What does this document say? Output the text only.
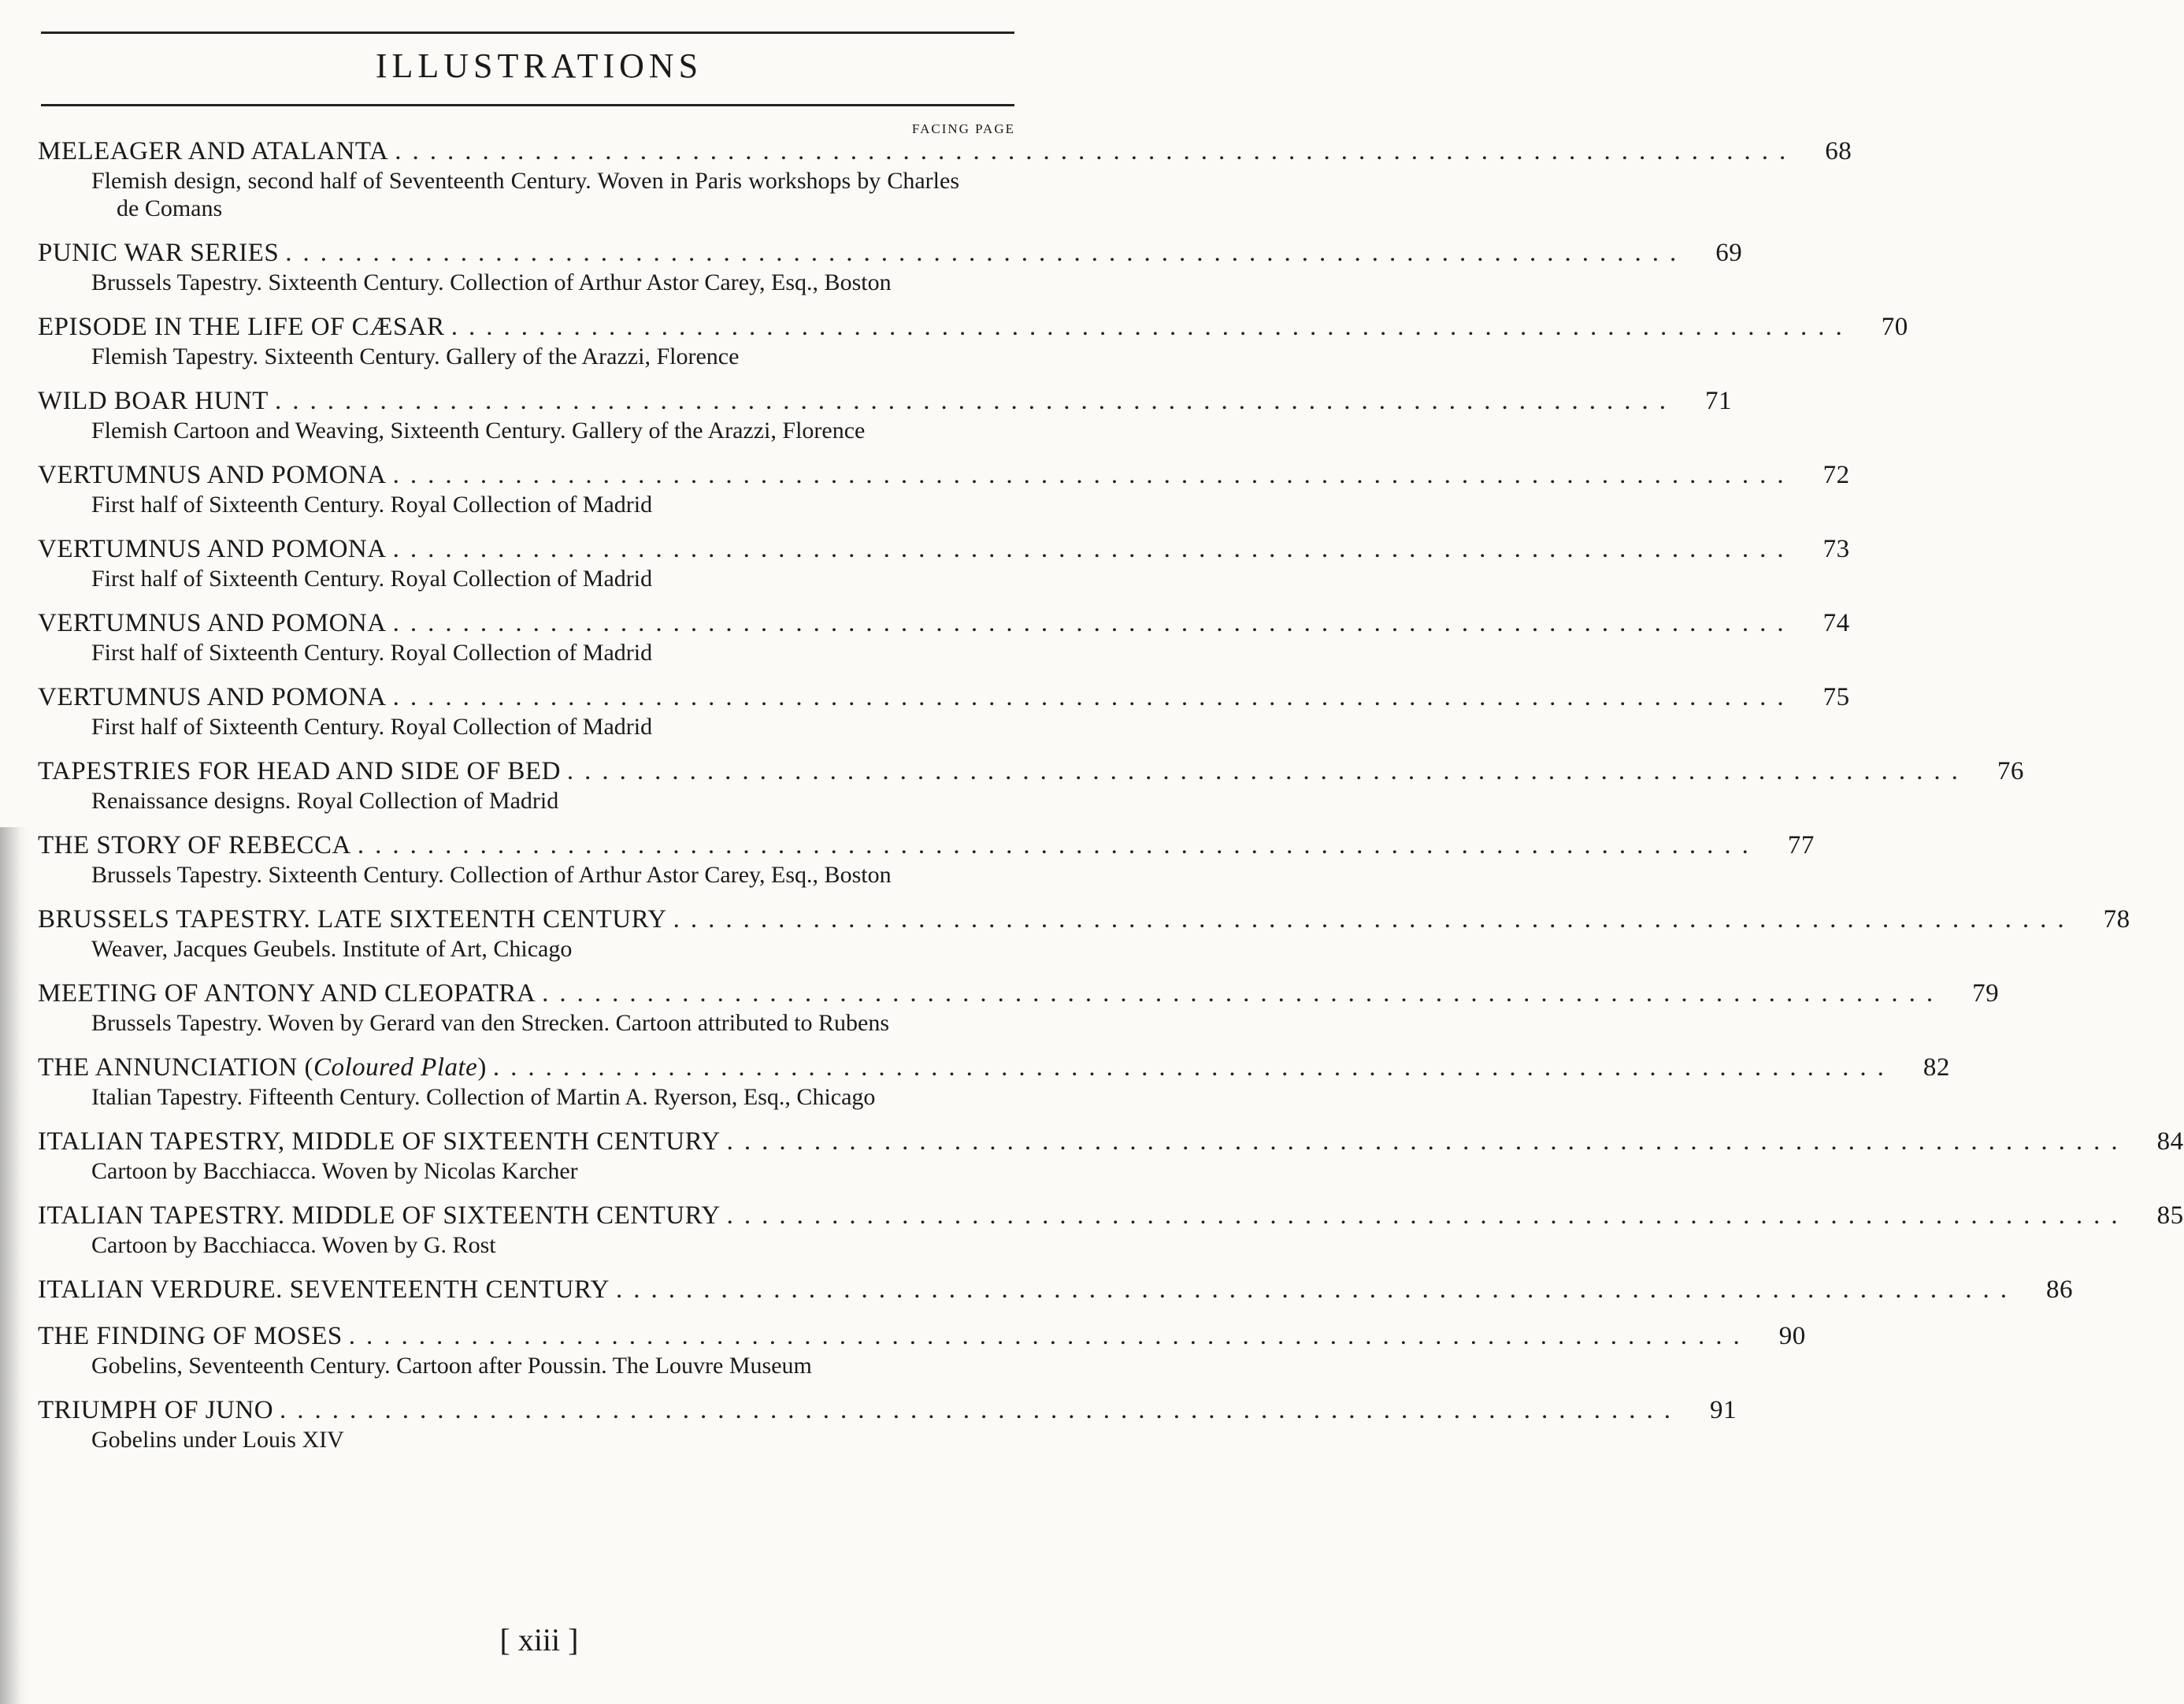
ILLUSTRATIONS
FACING PAGE
MELEAGER AND ATALANTA ................................................................................	68
Flemish design, second half of Seventeenth Century. Woven in Paris workshops by Charles de Comans
PUNIC WAR SERIES ................................................................................	69
Brussels Tapestry. Sixteenth Century. Collection of Arthur Astor Carey, Esq., Boston
EPISODE IN THE LIFE OF CÆSAR ................................................................................	70
Flemish Tapestry. Sixteenth Century. Gallery of the Arazzi, Florence
WILD BOAR HUNT ................................................................................	71
Flemish Cartoon and Weaving, Sixteenth Century. Gallery of the Arazzi, Florence
VERTUMNUS AND POMONA ................................................................................	72
First half of Sixteenth Century. Royal Collection of Madrid
VERTUMNUS AND POMONA ................................................................................	73
First half of Sixteenth Century. Royal Collection of Madrid
VERTUMNUS AND POMONA ................................................................................	74
First half of Sixteenth Century. Royal Collection of Madrid
VERTUMNUS AND POMONA ................................................................................	75
First half of Sixteenth Century. Royal Collection of Madrid
TAPESTRIES FOR HEAD AND SIDE OF BED ................................................................................	76
Renaissance designs. Royal Collection of Madrid
THE STORY OF REBECCA ................................................................................	77
Brussels Tapestry. Sixteenth Century. Collection of Arthur Astor Carey, Esq., Boston
BRUSSELS TAPESTRY. LATE SIXTEENTH CENTURY ................................................................................	78
Weaver, Jacques Geubels. Institute of Art, Chicago
MEETING OF ANTONY AND CLEOPATRA ................................................................................	79
Brussels Tapestry. Woven by Gerard van den Strecken. Cartoon attributed to Rubens
THE ANNUNCIATION (Coloured Plate) ................................................................................	82
Italian Tapestry. Fifteenth Century. Collection of Martin A. Ryerson, Esq., Chicago
ITALIAN TAPESTRY, MIDDLE OF SIXTEENTH CENTURY ................................................................................	84
Cartoon by Bacchiacca. Woven by Nicolas Karcher
ITALIAN TAPESTRY. MIDDLE OF SIXTEENTH CENTURY ................................................................................	85
Cartoon by Bacchiacca. Woven by G. Rost
ITALIAN VERDURE. SEVENTEENTH CENTURY ................................................................................	86
THE FINDING OF MOSES ................................................................................	90
Gobelins, Seventeenth Century. Cartoon after Poussin. The Louvre Museum
TRIUMPH OF JUNO ................................................................................	91
Gobelins under Louis XIV
[ xiii ]
